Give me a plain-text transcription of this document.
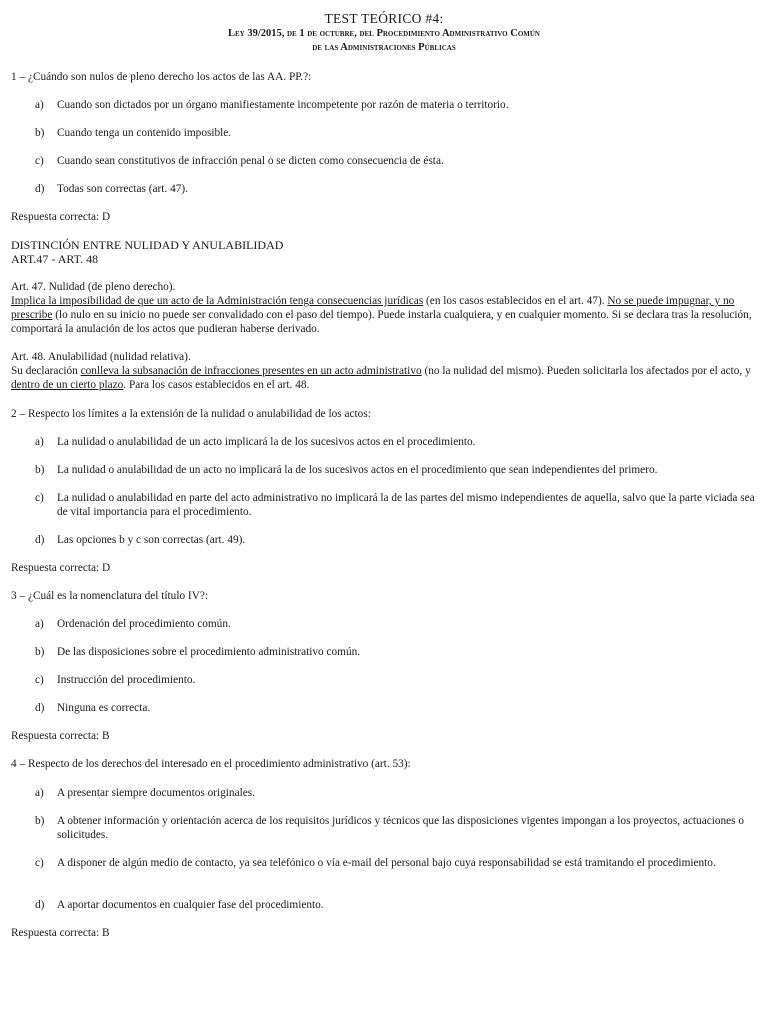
TEST TEÓRICO #4:
Ley 39/2015, de 1 de octubre, del Procedimiento Administrativo Común
de las Administraciones Públicas
1 – ¿Cuándo son nulos de pleno derecho los actos de las AA. PP.?:
a) Cuando son dictados por un órgano manifiestamente incompetente por razón de materia o territorio.
b) Cuando tenga un contenido imposible.
c) Cuando sean constitutivos de infracción penal o se dicten como consecuencia de ésta.
d) Todas son correctas (art. 47).
Respuesta correcta: D
DISTINCIÓN ENTRE NULIDAD Y ANULABILIDAD
ART.47 - ART. 48
Art. 47. Nulidad (de pleno derecho).
Implica la imposibilidad de que un acto de la Administración tenga consecuencias jurídicas (en los casos establecidos en el art. 47). No se puede impugnar, y no prescribe (lo nulo en su inicio no puede ser convalidado con el paso del tiempo). Puede instarla cualquiera, y en cualquier momento. Si se declara tras la resolución, comportará la anulación de los actos que pudieran haberse derivado.
Art. 48. Anulabilidad (nulidad relativa).
Su declaración conlleva la subsanación de infracciones presentes en un acto administrativo (no la nulidad del mismo). Pueden solicitarla los afectados por el acto, y dentro de un cierto plazo. Para los casos establecidos en el art. 48.
2 – Respecto los límites a la extensión de la nulidad o anulabilidad de los actos:
a) La nulidad o anulabilidad de un acto implicará la de los sucesivos actos en el procedimiento.
b) La nulidad o anulabilidad de un acto no implicará la de los sucesivos actos en el procedimiento que sean independientes del primero.
c) La nulidad o anulabilidad en parte del acto administrativo no implicará la de las partes del mismo independientes de aquella, salvo que la parte viciada sea de vital importancia para el procedimiento.
d) Las opciones b y c son correctas (art. 49).
Respuesta correcta: D
3 – ¿Cuál es la nomenclatura del título IV?:
a) Ordenación del procedimiento común.
b) De las disposiciones sobre el procedimiento administrativo común.
c) Instrucción del procedimiento.
d) Ninguna es correcta.
Respuesta correcta: B
4 – Respecto de los derechos del interesado en el procedimiento administrativo (art. 53):
a) A presentar siempre documentos originales.
b) A obtener información y orientación acerca de los requisitos jurídicos y técnicos que las disposiciones vigentes impongan a los proyectos, actuaciones o solicitudes.
c) A disponer de algún medio de contacto, ya sea telefónico o vía e-mail del personal bajo cuya responsabilidad se está tramitando el procedimiento.
d) A aportar documentos en cualquier fase del procedimiento.
Respuesta correcta: B
